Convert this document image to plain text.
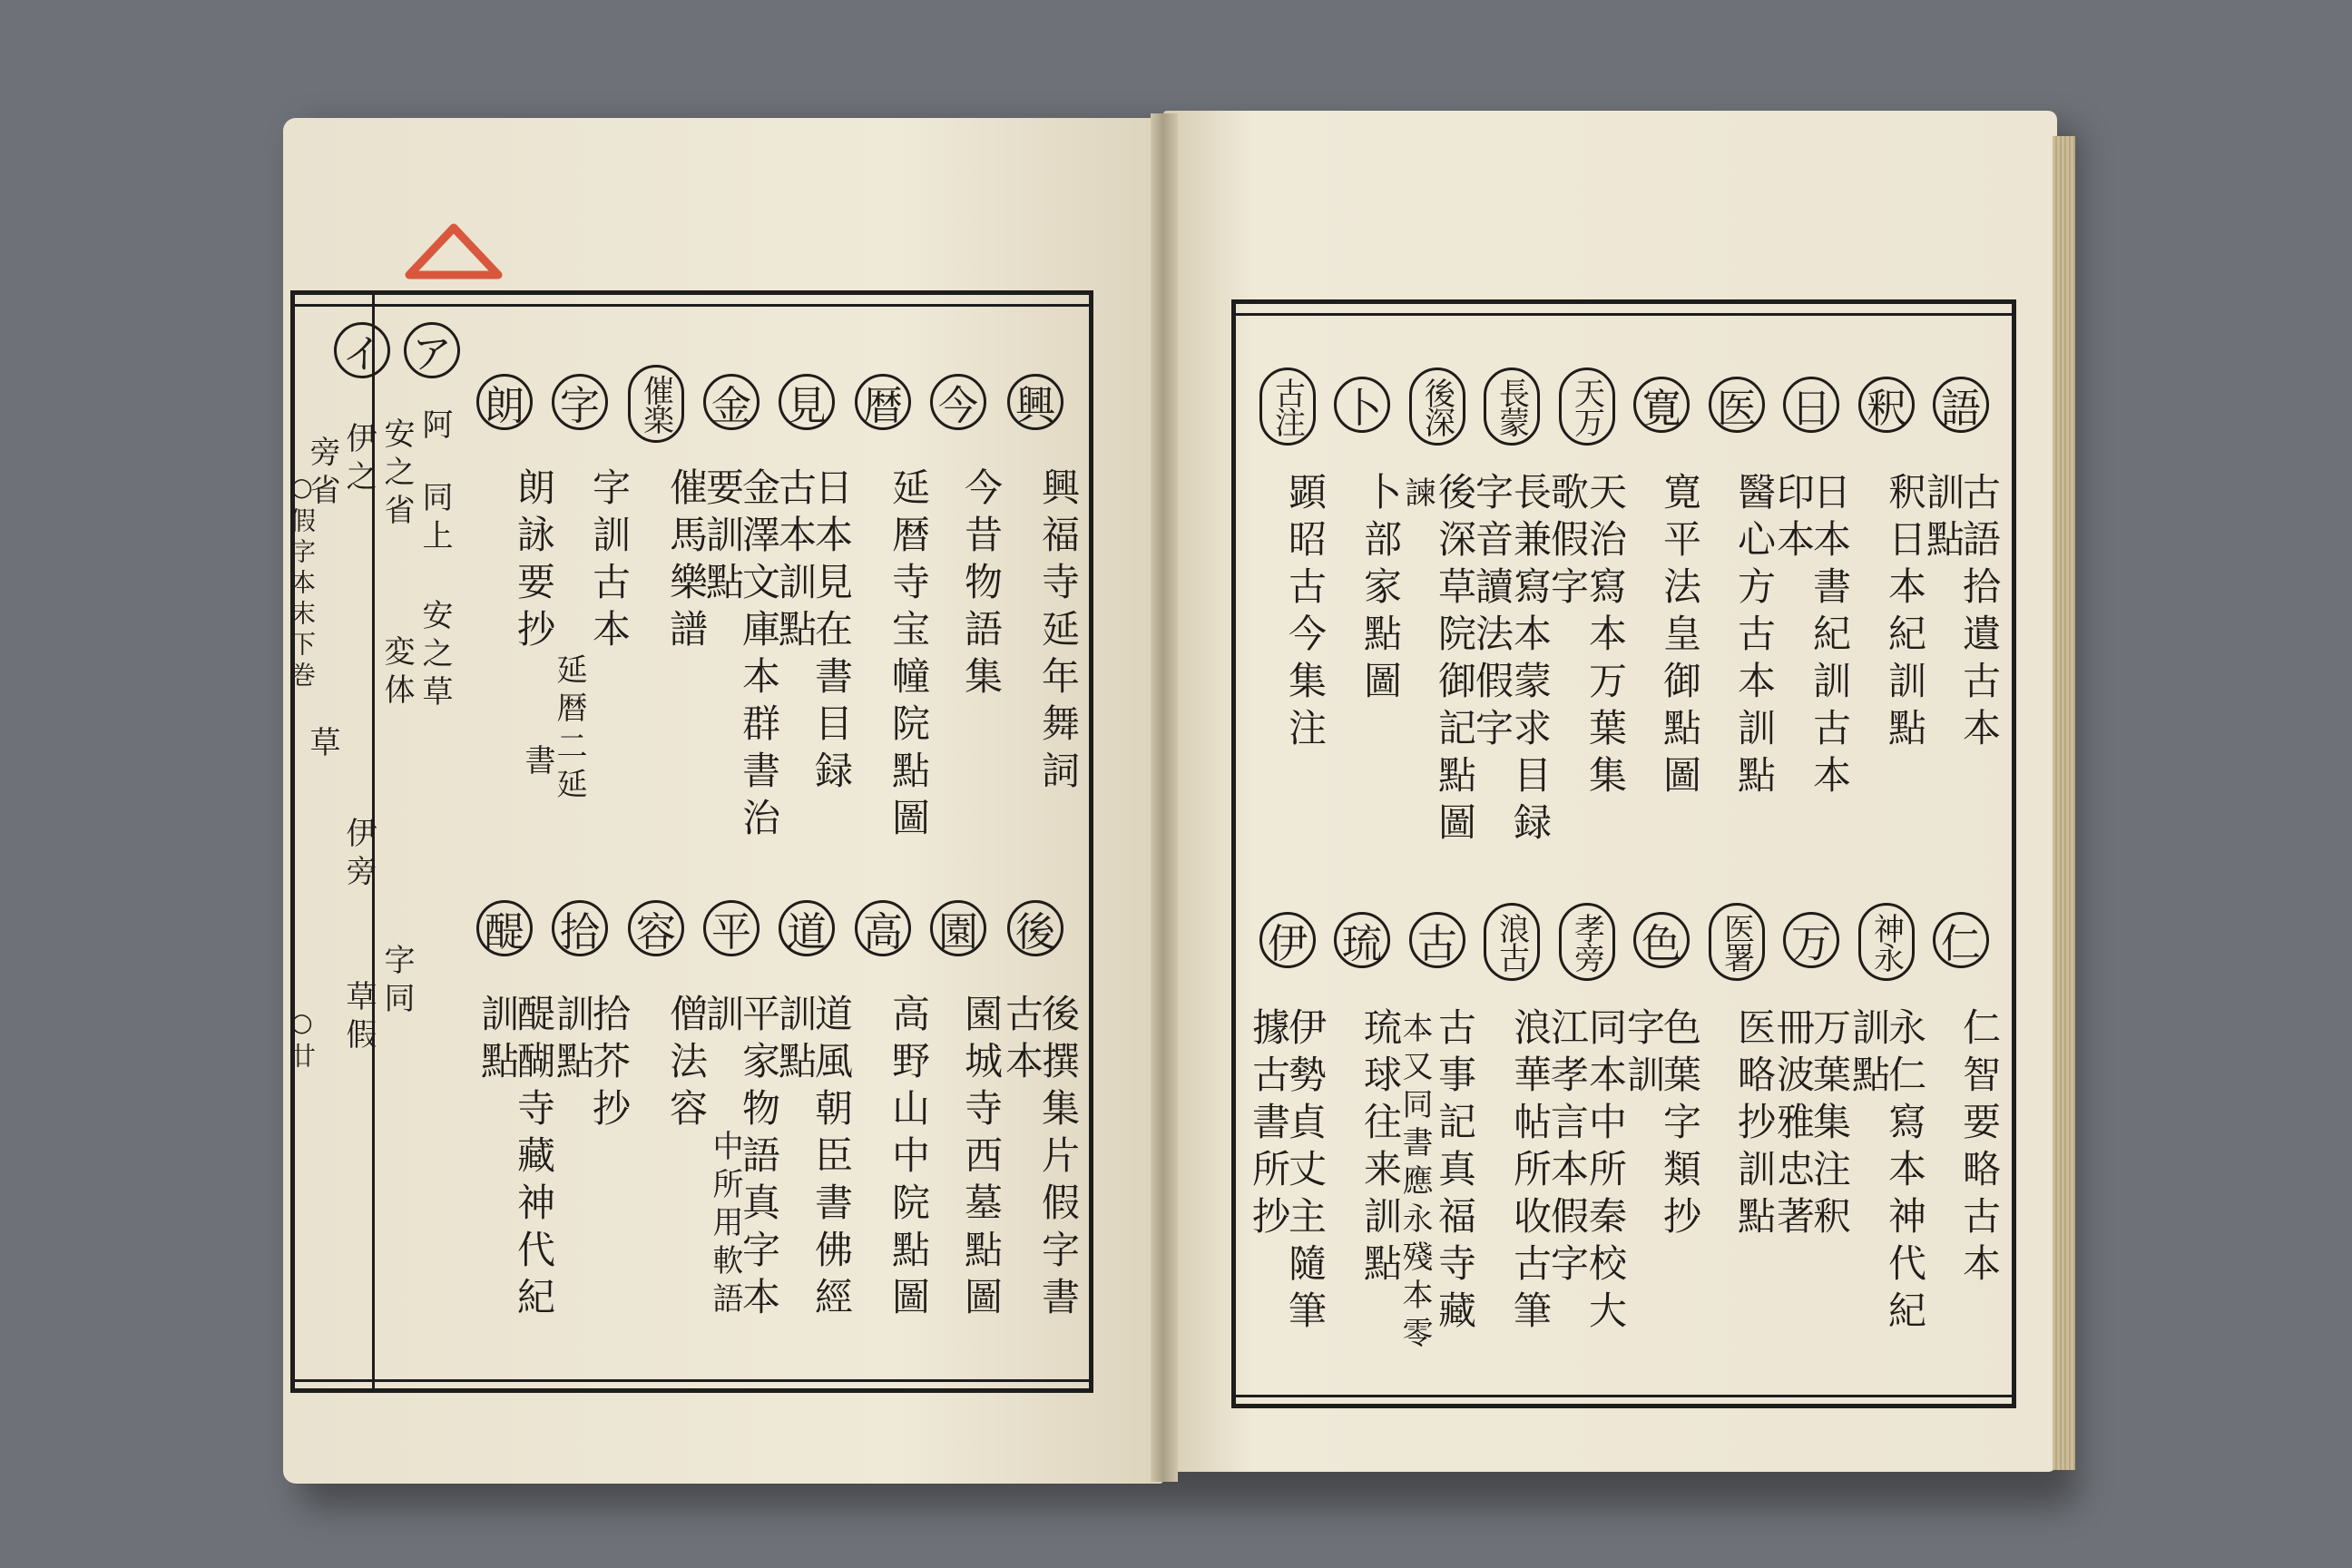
○假字本末下巻
○廿
イ ア
阿
同上
安之草
安之省
変体
字同
伊之
伊旁
旁省
草
草假
興
今
暦
見
金
催楽
字
朗
興福寺延年舞詞
今昔物語集
延暦寺宝幢院點圖
日本見在書目録
古本訓點
金澤文庫本群書治
要訓點
催馬樂譜
字訓古本
朗詠要抄
延暦二延
書
後
園
高
道
平
容
拾
醍
後撰集片假字書
古本
園城寺西墓點圖
高野山中院點圖
道風朝臣書佛經
訓點
平家物語真字本
訓
中所用軟語
僧法容
拾芥抄
訓點
醍醐寺藏神代紀
訓點
語
釈
日
医
寛
天万
長蒙
後深
卜
古注
古語拾遺古本
訓點
釈日本紀訓點
日本書紀訓古本
印本
醫心方古本訓點
寛平法皇御點圖
天治寫本万葉集
歌假字
長兼寫本蒙求目録
字音讀法假字
後深草院御記點圖
諫
卜部家點圖
顕昭古今集注
仁
神永
万
医署
色
孝旁
浪古
古
琉
伊
仁智要略古本
永仁寫本神代紀
訓點
万葉集注釈
冊波雅忠著
医略抄訓點
色葉字類抄
字訓
同本中所秦校大
江孝言本假字
浪華帖所收古筆
古事記真福寺藏
本又同書應永殘本零
琉球往来訓點
伊勢貞丈主隨筆
據古書所抄
